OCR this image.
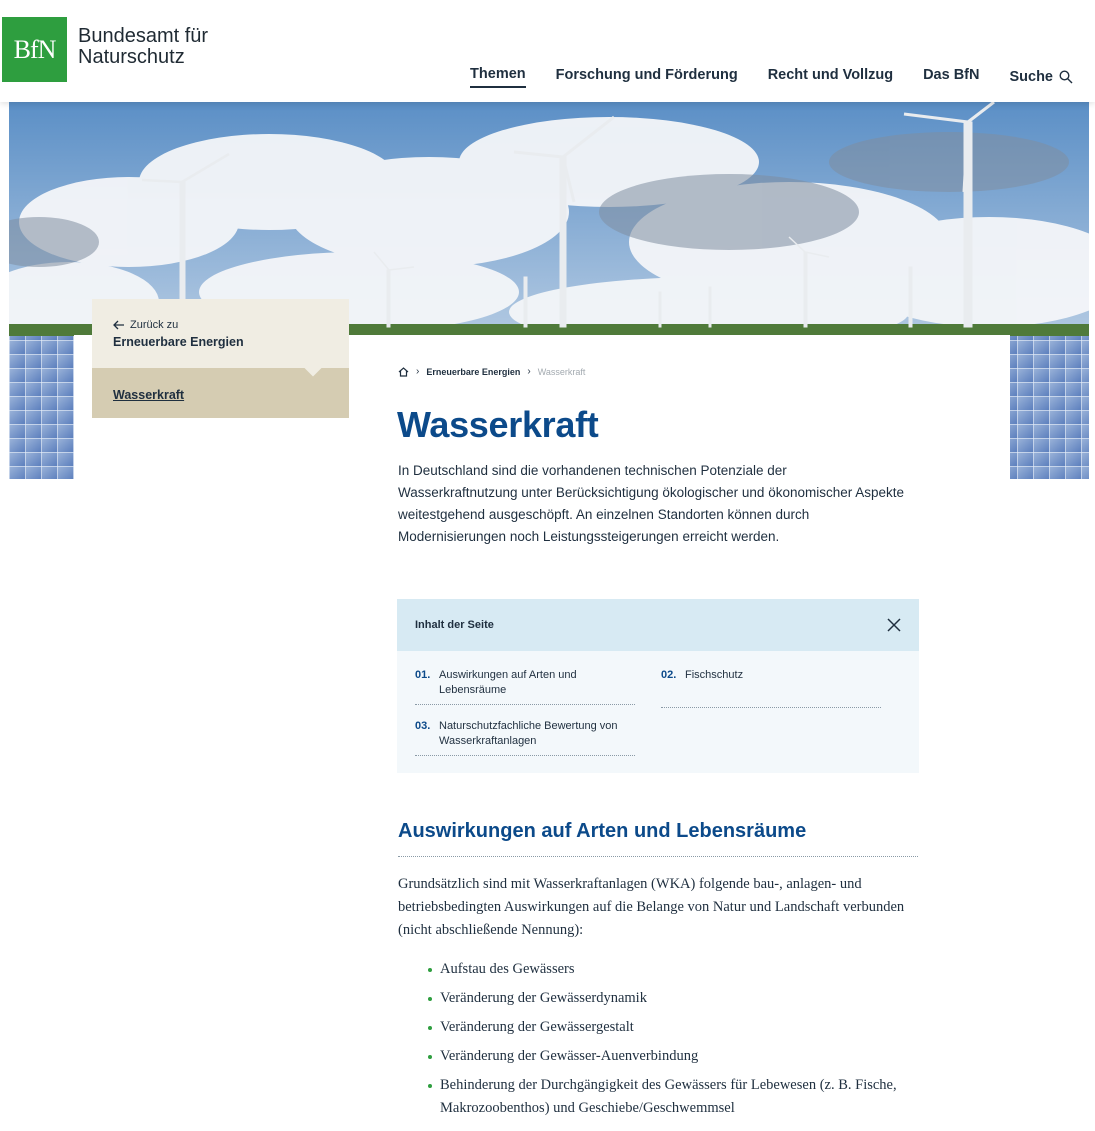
BfN Bundesamt für
Naturschutz
Themen Forschung und Förderung Recht und Vollzug Das BfN Suche
Zurück zu
Erneuerbare Energien
Wasserkraft
› Erneuerbare Energien › Wasserkraft
Wasserkraft

In Deutschland sind die vorhandenen technischen Potenziale der Wasserkraftnutzung unter Berücksichtigung ökologischer und ökonomischer Aspekte weitestgehend ausgeschöpft. An einzelnen Standorten können durch Modernisierungen noch Leistungssteigerungen erreicht werden.

Inhalt der Seite
01. Auswirkungen auf Arten und Lebensräume
02. Fischschutz
03. Naturschutzfachliche Bewertung von Wasserkraftanlagen
Auswirkungen auf Arten und Lebensräume

Grundsätzlich sind mit Wasserkraftanlagen (WKA) folgende bau-, anlagen- und betriebsbedingten Auswirkungen auf die Belange von Natur und Landschaft verbunden (nicht abschließende Nennung):

Aufstau des Gewässers
Veränderung der Gewässerdynamik
Veränderung der Gewässergestalt
Veränderung der Gewässer-Auenverbindung
Behinderung der Durchgängigkeit des Gewässers für Lebewesen (z. B. Fische, Makrozoobenthos) und Geschiebe/Geschwemmsel
